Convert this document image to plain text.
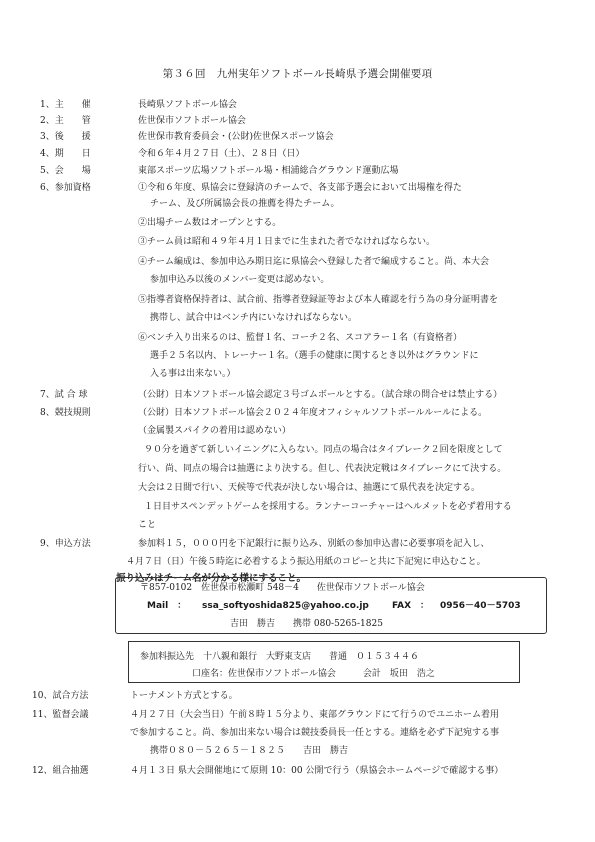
第３６回　九州実年ソフトボール長崎県予選会開催要項
1、主　　催	長崎県ソフトボール協会
2、主　　管	佐世保市ソフトボール協会
3、後　　援	佐世保市教育委員会・(公財)佐世保スポーツ協会
4、期　　日	令和６年４月２７日（土）、２８日（日）
5、会　　場	東部スポーツ広場ソフトボール場・相浦総合グラウンド運動広場
6、参加資格	①令和６年度、県協会に登録済のチームで、各支部予選会において出場権を得た
チーム、及び所属協会長の推薦を得たチーム。
②出場チーム数はオープンとする。
③チーム員は昭和４９年４月１日までに生まれた者でなければならない。
④チーム編成は、参加申込み期日迄に県協会へ登録した者で編成すること。尚、本大会
参加申込み以後のメンバー変更は認めない。
⑤指導者資格保持者は、試合前、指導者登録証等および本人確認を行う為の身分証明書を
携帯し、試合中はベンチ内にいなければならない。
⑥ベンチ入り出来るのは、監督１名、コーチ２名、スコアラー１名（有資格者）
選手２５名以内、トレーナー１名。（選手の健康に関するとき以外はグラウンドに
入る事は出来ない。）
7、試 合 球	（公財）日本ソフトボール協会認定３号ゴムボールとする。（試合球の問合せは禁止する）
8、競技規則	（公財）日本ソフトボール協会２０２４年度オフィシャルソフトボールルールによる。
（金属製スパイクの着用は認めない）
９０分を過ぎて新しいイニングに入らない。同点の場合はタイブレーク２回を限度として
行い、尚、同点の場合は抽選により決する。但し、代表決定戦はタイブレークにて決する。
大会は２日間で行い、天候等で代表が決しない場合は、抽選にて県代表を決定する。
１日目サスペンデットゲームを採用する。ランナーコーチャーはヘルメットを必ず着用する
こと
9、申込方法	参加料１５，０００円を下記銀行に振り込み、別紙の参加申込書に必要事項を記入し、
４月７日（日）午後５時迄に必着するよう振込用紙のコピーと共に下記宛に申込むこと。
振り込みはチーム名が分かる様にすること。
〒857-0102　佐世保市松瀬町 548－4　　佐世保市ソフトボール協会
Mail　： ssa_softyoshida825@yahoo.co.jp	FAX　： 0956－40－5703
吉田　勝吉　　携帯 080-5265-1825
参加料振込先　十八親和銀行　大野東支店　　普通　０１５３４４６
口座名：佐世保市ソフトボール協会　　　会計　坂田　浩之
10、試合方法	トーナメント方式とする。
11、監督会議	４月２７日（大会当日）午前８時１５分より、東部グラウンドにて行うのでユニホーム着用
で参加すること。尚、参加出来ない場合は競技委員長一任とする。連絡を必ず下記宛する事
携帯０８０－５２６５－１８２５　　吉田　勝吉
12、組合抽選	４月１３日 県大会開催地にて原則 10：00 公開で行う（県協会ホームページで確認する事）
